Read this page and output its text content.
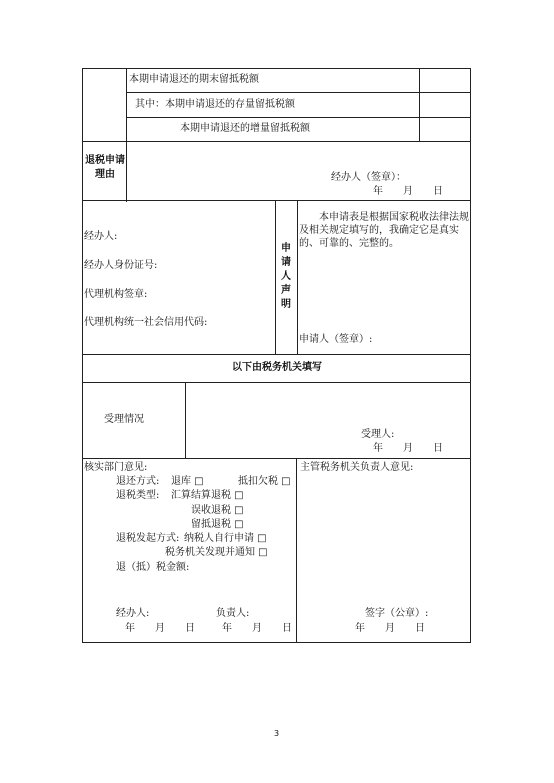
本期申请退还的期末留抵税额
其中：本期申请退还的存量留抵税额
本期申请退还的增量留抵税额
退税申请
理由	经办人（签章）：
年　　月　　日
经办人:
经办人身份证号:
代理机构签章:
代理机构统一社会信用代码:
申请人声明
本申请表是根据国家税收法律法规及相关规定填写的，我确定它是真实的、可靠的、完整的。
申请人（签章）:
以下由税务机关填写
受理情况
受理人:
年　　月　　日
核实部门意见:
退还方式: 退库 □	抵扣欠税 □
退税类型: 汇算结算退税 □
误收退税 □
留抵退税 □
退税发起方式: 纳税人自行申请 □
税务机关发现并通知 □
退（抵）税金额:
经办人:
年　　月　　日
负责人:
年　　月　　日
主管税务机关负责人意见:
签字（公章）:
年　　月　　日
3
